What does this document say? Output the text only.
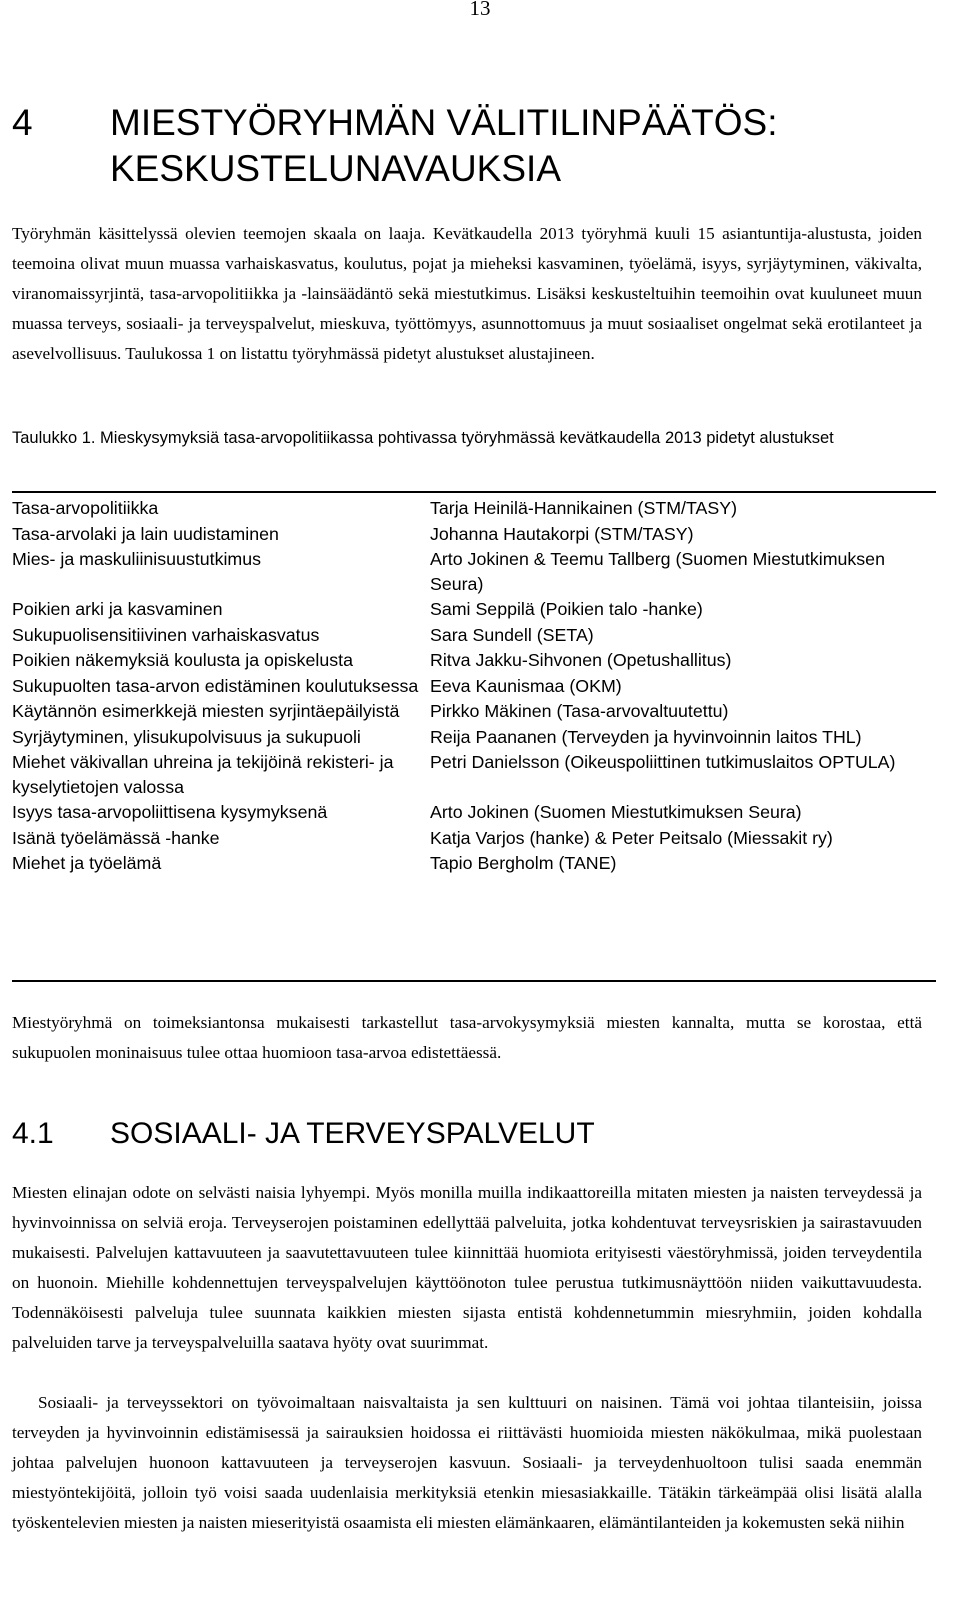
13
4 MIESTYÖRYHMÄN VÄLITILINPÄÄTÖS:
KESKUSTELUNAVAUKSIA

Työryhmän käsittelyssä olevien teemojen skaala on laaja. Kevätkaudella 2013 työryhmä kuuli 15 asiantuntija-alustusta, joiden teemoina olivat muun muassa varhaiskasvatus, koulutus, pojat ja mieheksi kasvaminen, työelämä, isyys, syrjäytyminen, väkivalta, viranomaissyrjintä, tasa-arvopolitiikka ja -lainsäädäntö sekä miestutkimus. Lisäksi keskusteltuihin teemoihin ovat kuuluneet muun muassa terveys, sosiaali- ja terveyspalvelut, mieskuva, työttömyys, asunnottomuus ja muut sosiaaliset ongelmat sekä erotilanteet ja asevelvollisuus. Taulukossa 1 on listattu työryhmässä pidetyt alustukset alustajineen.

Taulukko 1. Mieskysymyksiä tasa-arvopolitiikassa pohtivassa työryhmässä kevätkaudella 2013 pidetyt alustukset
Tasa-arvopolitiikka	Tarja Heinilä-Hannikainen (STM/TASY)
Tasa-arvolaki ja lain uudistaminen	Johanna Hautakorpi (STM/TASY)
Mies- ja maskuliinisuustutkimus	Arto Jokinen & Teemu Tallberg (Suomen Miestutkimuksen Seura)
Poikien arki ja kasvaminen	Sami Seppilä (Poikien talo -hanke)
Sukupuolisensitiivinen varhaiskasvatus	Sara Sundell (SETA)
Poikien näkemyksiä koulusta ja opiskelusta	Ritva Jakku-Sihvonen (Opetushallitus)
Sukupuolten tasa-arvon edistäminen koulutuksessa	Eeva Kaunismaa (OKM)
Käytännön esimerkkejä miesten syrjintäepäilyistä	Pirkko Mäkinen (Tasa-arvovaltuutettu)
Syrjäytyminen, ylisukupolvisuus ja sukupuoli	Reija Paananen (Terveyden ja hyvinvoinnin laitos THL)
Miehet väkivallan uhreina ja tekijöinä rekisteri- ja kyselytietojen valossa	Petri Danielsson (Oikeuspoliittinen tutkimuslaitos OPTULA)
Isyys tasa-arvopoliittisena kysymyksenä	Arto Jokinen (Suomen Miestutkimuksen Seura)
Isänä työelämässä -hanke	Katja Varjos (hanke) & Peter Peitsalo (Miessakit ry)
Miehet ja työelämä	Tapio Bergholm (TANE)

Miestyöryhmä on toimeksiantonsa mukaisesti tarkastellut tasa-arvokysymyksiä miesten kannalta, mutta se korostaa, että sukupuolen moninaisuus tulee ottaa huomioon tasa-arvoa edistettäessä.

4.1 SOSIAALI- JA TERVEYSPALVELUT

Miesten elinajan odote on selvästi naisia lyhyempi. Myös monilla muilla indikaattoreilla mitaten miesten ja naisten terveydessä ja hyvinvoinnissa on selviä eroja. Terveyserojen poistaminen edellyttää palveluita, jotka kohdentuvat terveysriskien ja sairastavuuden mukaisesti. Palvelujen kattavuuteen ja saavutettavuuteen tulee kiinnittää huomiota erityisesti väestöryhmissä, joiden terveydentila on huonoin. Miehille kohdennettujen terveyspalvelujen käyttöönoton tulee perustua tutkimusnäyttöön niiden vaikuttavuudesta. Todennäköisesti palveluja tulee suunnata kaikkien miesten sijasta entistä kohdennetummin miesryhmiin, joiden kohdalla palveluiden tarve ja terveyspalveluilla saatava hyöty ovat suurimmat.

Sosiaali- ja terveyssektori on työvoimaltaan naisvaltaista ja sen kulttuuri on naisinen. Tämä voi johtaa tilanteisiin, joissa terveyden ja hyvinvoinnin edistämisessä ja sairauksien hoidossa ei riittävästi huomioida miesten näkökulmaa, mikä puolestaan johtaa palvelujen huonoon kattavuuteen ja terveyserojen kasvuun. Sosiaali- ja terveydenhuoltoon tulisi saada enemmän miestyöntekijöitä, jolloin työ voisi saada uudenlaisia merkityksiä etenkin miesasiakkaille. Tätäkin tärkeämpää olisi lisätä alalla työskentelevien miesten ja naisten mieserityistä osaamista eli miesten elämänkaaren, elämäntilanteiden ja kokemusten sekä niihin
